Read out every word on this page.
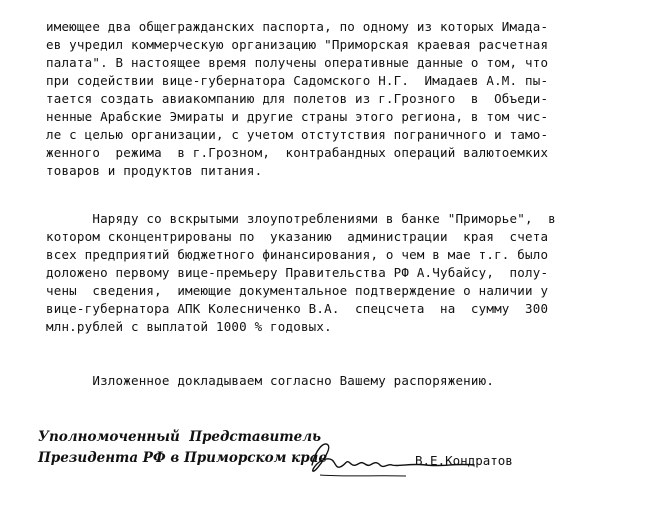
имеющее два общегражданских паспорта, по одному из которых Имада-

ев учредил коммерческую организацию "Приморская краевая расчетная

палата". В настоящее время получены оперативные данные о том, что

при содействии вице-губернатора Садомского Н.Г.  Имадаев А.М. пы-

тается создать авиакомпанию для полетов из г.Грозного  в  Объеди-

ненные Арабские Эмираты и другие страны этого региона, в том чис-

ле с целью организации, с учетом отстутствия пограничного и тамо-

женного  режима  в г.Грозном,  контрабандных операций валютоемких

товаров и продуктов питания.

Наряду со вскрытыми злоупотреблениями в банке "Приморье",  в

котором сконцентрированы по  указанию  администрации  края  счета

всех предприятий бюджетного финансирования, о чем в мае т.г. было

доложено первому вице-премьеру Правительства РФ А.Чубайсу,  полу-

чены  сведения,  имеющие документальное подтверждение о наличии у

вице-губернатора АПК Колесниченко В.А.  спецсчета  на  сумму  300

млн.рублей с выплатой 1000 % годовых.

Изложенное докладываем согласно Вашему распоряжению.

Уполномоченный  Представитель
Президента РФ в Приморском крае	В.Е.Кондратов
